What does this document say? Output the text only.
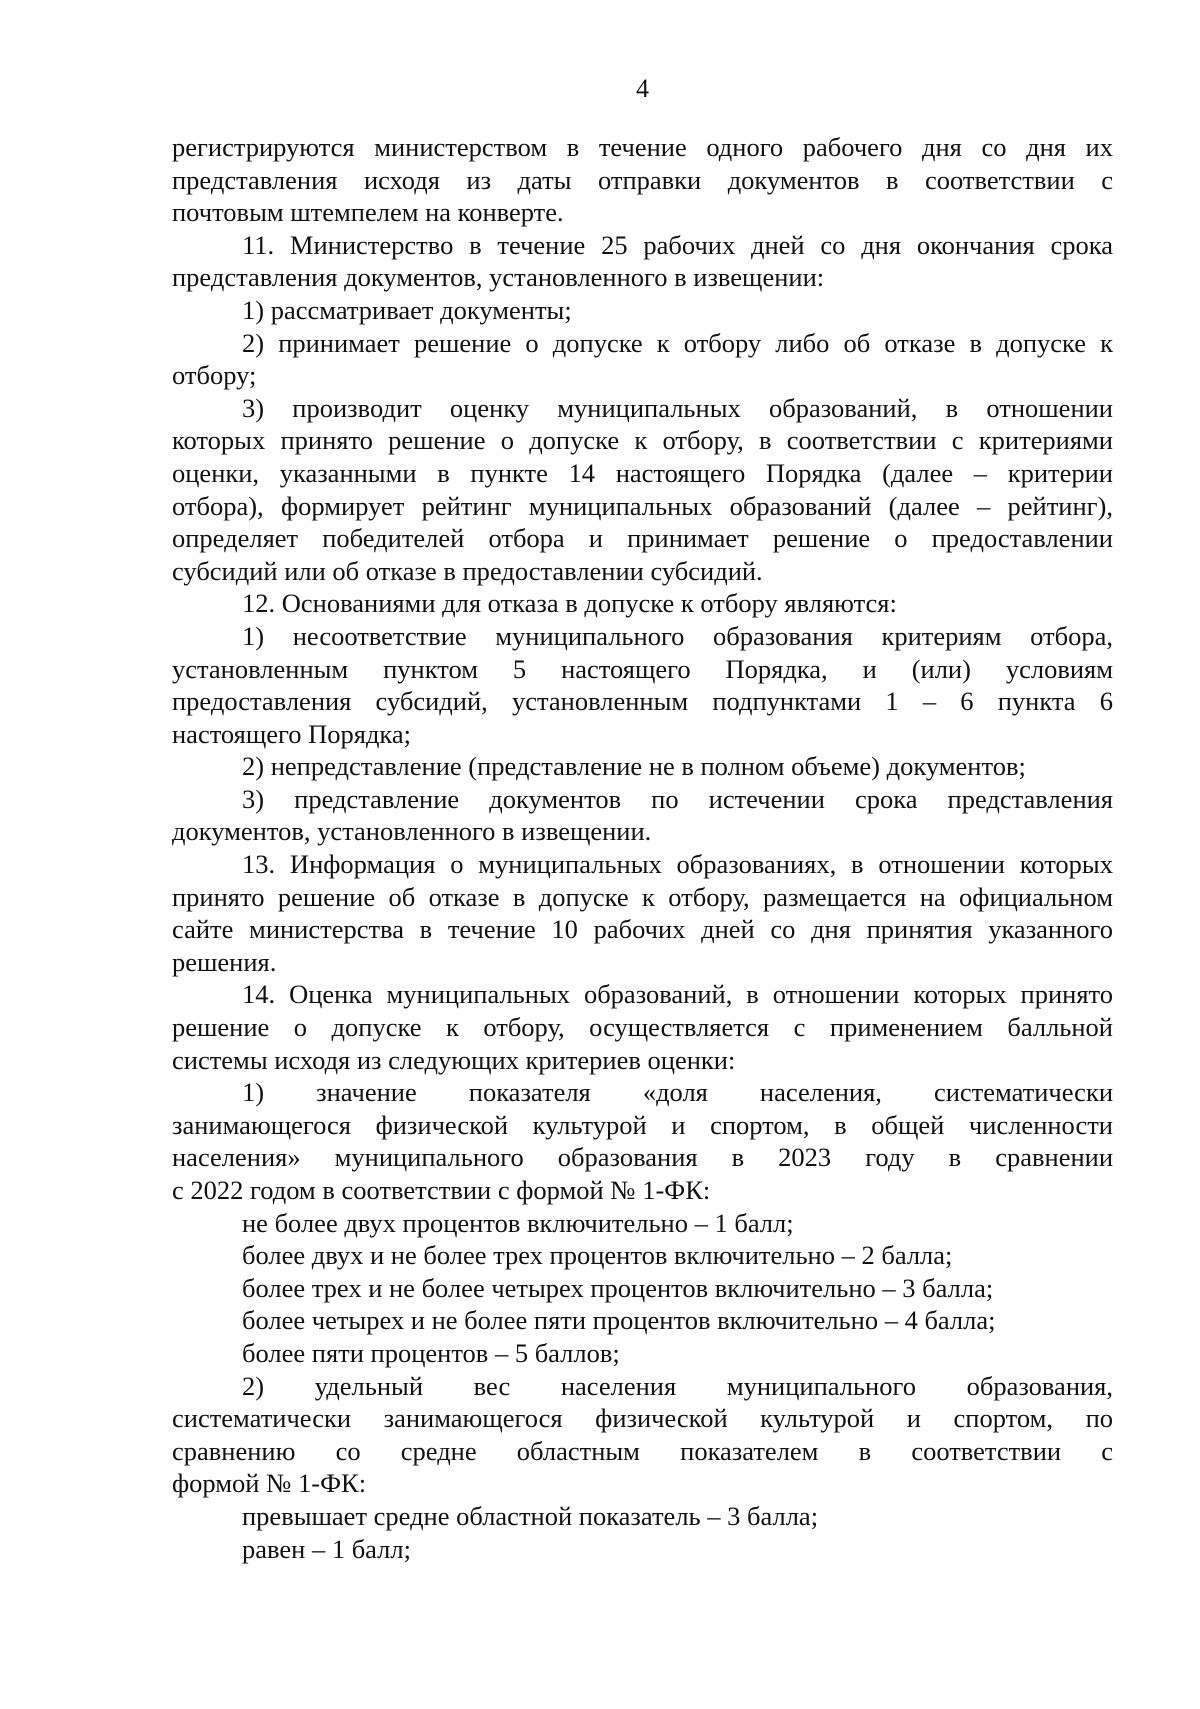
4

регистрируются министерством в течение одного рабочего дня со дня их
представления исходя из даты отправки документов в соответствии с
почтовым штемпелем на конверте.

11. Министерство в течение 25 рабочих дней со дня окончания срока
представления документов, установленного в извещении:

1) рассматривает документы;

2) принимает решение о допуске к отбору либо об отказе в допуске к
отбору;

3) производит оценку муниципальных образований, в отношении
которых принято решение о допуске к отбору, в соответствии с критериями
оценки, указанными в пункте 14 настоящего Порядка (далее – критерии
отбора), формирует рейтинг муниципальных образований (далее – рейтинг),
определяет победителей отбора и принимает решение о предоставлении
субсидий или об отказе в предоставлении субсидий.

12. Основаниями для отказа в допуске к отбору являются:

1) несоответствие муниципального образования критериям отбора,
установленным пунктом 5 настоящего Порядка, и (или) условиям
предоставления субсидий, установленным подпунктами 1 – 6 пункта 6
настоящего Порядка;

2) непредставление (представление не в полном объеме) документов;

3) представление документов по истечении срока представления
документов, установленного в извещении.

13. Информация о муниципальных образованиях, в отношении которых
принято решение об отказе в допуске к отбору, размещается на официальном
сайте министерства в течение 10 рабочих дней со дня принятия указанного
решения.

14. Оценка муниципальных образований, в отношении которых принято
решение о допуске к отбору, осуществляется с применением балльной
системы исходя из следующих критериев оценки:

1) значение показателя «доля населения, систематически
занимающегося физической культурой и спортом, в общей численности
населения» муниципального образования в 2023 году в сравнении
с 2022 годом в соответствии с формой № 1-ФК:

не более двух процентов включительно – 1 балл;

более двух и не более трех процентов включительно – 2 балла;

более трех и не более четырех процентов включительно – 3 балла;

более четырех и не более пяти процентов включительно – 4 балла;

более пяти процентов – 5 баллов;

2) удельный вес населения муниципального образования,
систематически занимающегося физической культурой и спортом, по
сравнению со средне областным показателем в соответствии с
формой № 1-ФК:

превышает средне областной показатель – 3 балла;

равен – 1 балл;
